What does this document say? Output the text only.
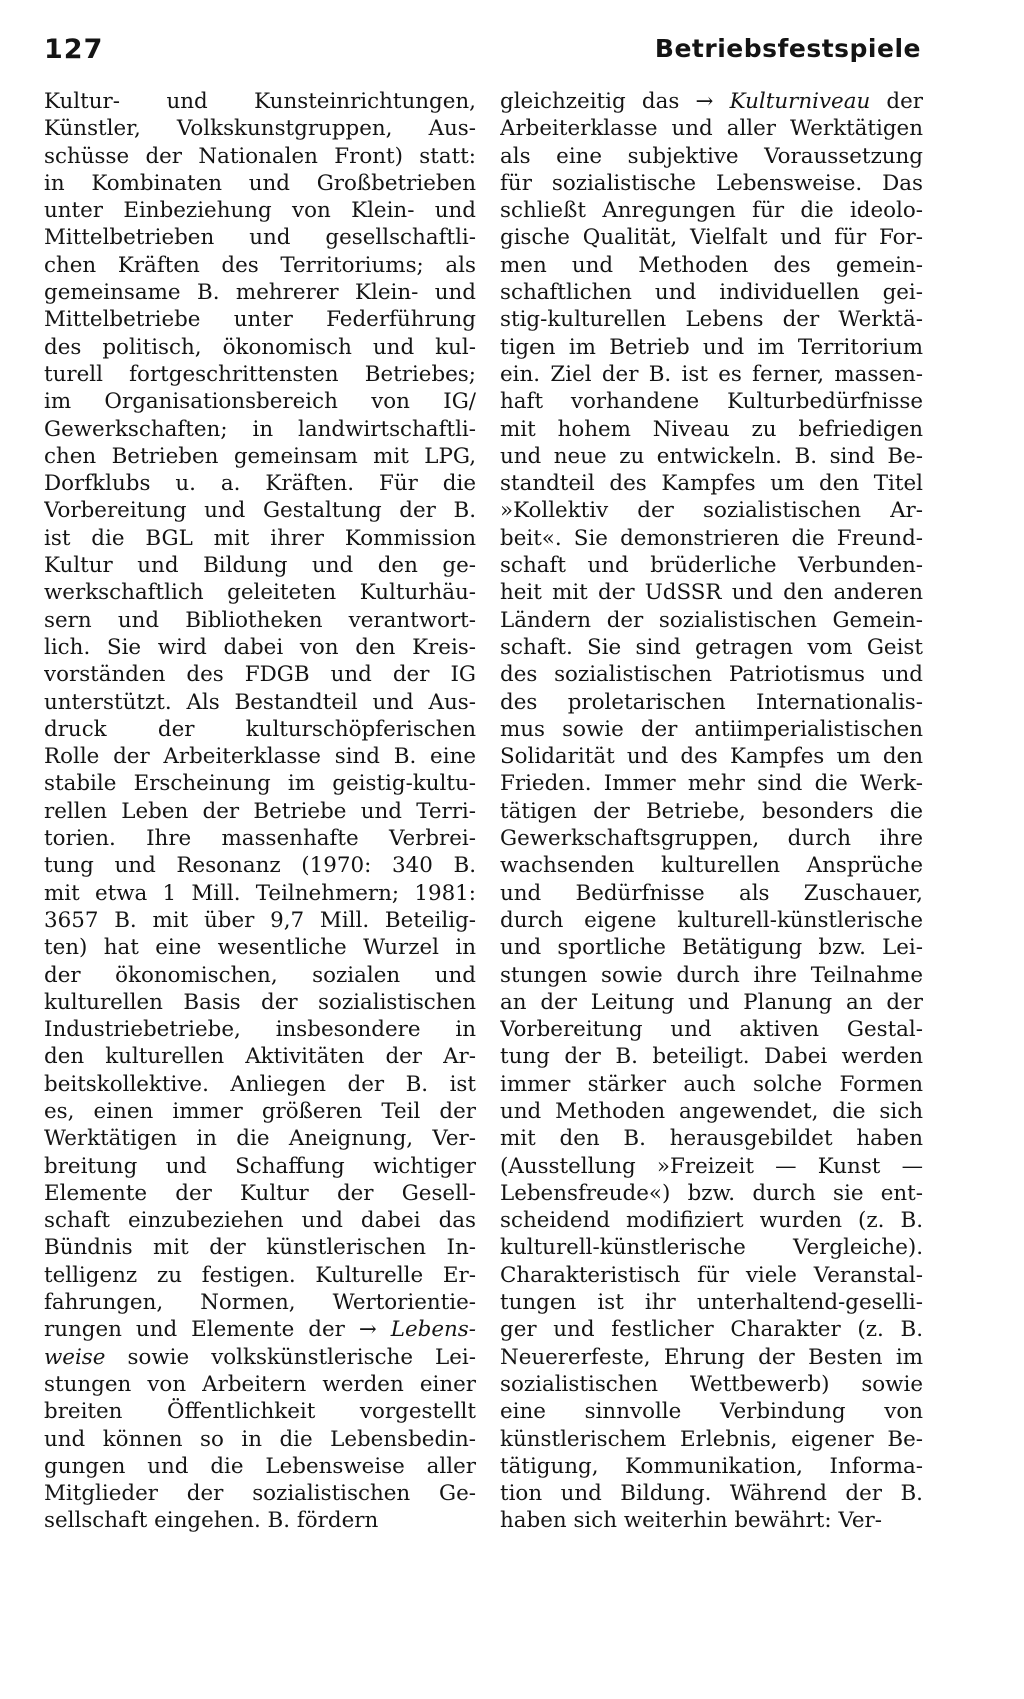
127	Betriebsfestspiele
Kultur- und Kunsteinrichtungen,
Künstler, Volkskunstgruppen, Aus-
schüsse der Nationalen Front) statt:
in Kombinaten und Großbetrieben
unter Einbeziehung von Klein- und
Mittelbetrieben und gesellschaftli-
chen Kräften des Territoriums; als
gemeinsame B. mehrerer Klein- und
Mittelbetriebe unter Federführung
des politisch, ökonomisch und kul-
turell fortgeschrittensten Betriebes;
im Organisationsbereich von IG/
Gewerkschaften; in landwirtschaftli-
chen Betrieben gemeinsam mit LPG,
Dorfklubs u. a. Kräften. Für die
Vorbereitung und Gestaltung der B.
ist die BGL mit ihrer Kommission
Kultur und Bildung und den ge-
werkschaftlich geleiteten Kulturhäu-
sern und Bibliotheken verantwort-
lich. Sie wird dabei von den Kreis-
vorständen des FDGB und der IG
unterstützt. Als Bestandteil und Aus-
druck der kulturschöpferischen
Rolle der Arbeiterklasse sind B. eine
stabile Erscheinung im geistig-kultu-
rellen Leben der Betriebe und Terri-
torien. Ihre massenhafte Verbrei-
tung und Resonanz (1970: 340 B.
mit etwa 1 Mill. Teilnehmern; 1981:
3657 B. mit über 9,7 Mill. Beteilig-
ten) hat eine wesentliche Wurzel in
der ökonomischen, sozialen und
kulturellen Basis der sozialistischen
Industriebetriebe, insbesondere in
den kulturellen Aktivitäten der Ar-
beitskollektive. Anliegen der B. ist
es, einen immer größeren Teil der
Werktätigen in die Aneignung, Ver-
breitung und Schaffung wichtiger
Elemente der Kultur der Gesell-
schaft einzubeziehen und dabei das
Bündnis mit der künstlerischen In-
telligenz zu festigen. Kulturelle Er-
fahrungen, Normen, Wertorientie-
rungen und Elemente der → Lebens-
weise sowie volkskünstlerische Lei-
stungen von Arbeitern werden einer
breiten Öffentlichkeit vorgestellt
und können so in die Lebensbedin-
gungen und die Lebensweise aller
Mitglieder der sozialistischen Ge-
sellschaft eingehen. B. fördern
gleichzeitig das → Kulturniveau der
Arbeiterklasse und aller Werktätigen
als eine subjektive Voraussetzung
für sozialistische Lebensweise. Das
schließt Anregungen für die ideolo-
gische Qualität, Vielfalt und für For-
men und Methoden des gemein-
schaftlichen und individuellen gei-
stig-kulturellen Lebens der Werktä-
tigen im Betrieb und im Territorium
ein. Ziel der B. ist es ferner, massen-
haft vorhandene Kulturbedürfnisse
mit hohem Niveau zu befriedigen
und neue zu entwickeln. B. sind Be-
standteil des Kampfes um den Titel
»Kollektiv der sozialistischen Ar-
beit«. Sie demonstrieren die Freund-
schaft und brüderliche Verbunden-
heit mit der UdSSR und den anderen
Ländern der sozialistischen Gemein-
schaft. Sie sind getragen vom Geist
des sozialistischen Patriotismus und
des proletarischen Internationalis-
mus sowie der antiimperialistischen
Solidarität und des Kampfes um den
Frieden. Immer mehr sind die Werk-
tätigen der Betriebe, besonders die
Gewerkschaftsgruppen, durch ihre
wachsenden kulturellen Ansprüche
und Bedürfnisse als Zuschauer,
durch eigene kulturell-künstlerische
und sportliche Betätigung bzw. Lei-
stungen sowie durch ihre Teilnahme
an der Leitung und Planung an der
Vorbereitung und aktiven Gestal-
tung der B. beteiligt. Dabei werden
immer stärker auch solche Formen
und Methoden angewendet, die sich
mit den B. herausgebildet haben
(Ausstellung »Freizeit — Kunst —
Lebensfreude«) bzw. durch sie ent-
scheidend modifiziert wurden (z. B.
kulturell-künstlerische Vergleiche).
Charakteristisch für viele Veranstal-
tungen ist ihr unterhaltend-geselli-
ger und festlicher Charakter (z. B.
Neuererfeste, Ehrung der Besten im
sozialistischen Wettbewerb) sowie
eine sinnvolle Verbindung von
künstlerischem Erlebnis, eigener Be-
tätigung, Kommunikation, Informa-
tion und Bildung. Während der B.
haben sich weiterhin bewährt: Ver-
